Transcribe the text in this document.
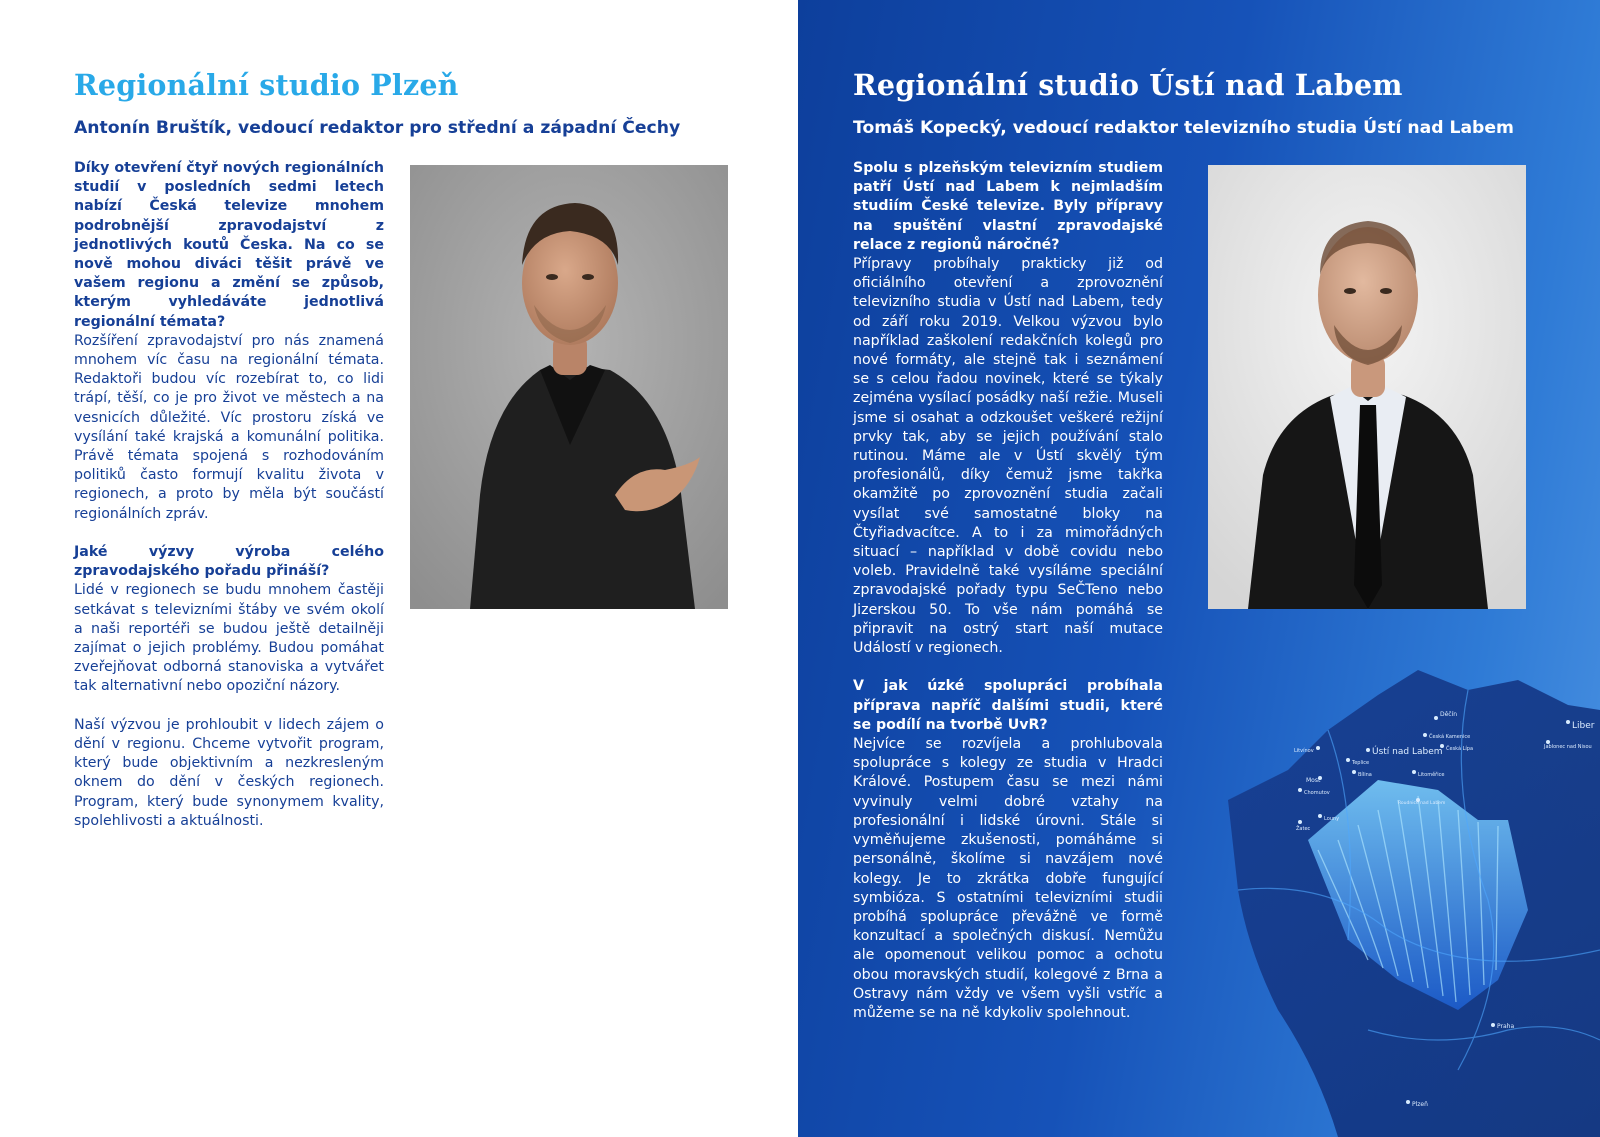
Regionální studio Plzeň
Antonín Bruštík, vedoucí redaktor pro střední a západní Čechy

Díky otevření čtyř nových regionálních studií v posledních sedmi letech nabízí Česká televize mnohem podrobnější zpravodajství z jednotlivých koutů Česka. Na co se nově mohou diváci těšit právě ve vašem regionu a změní se způsob, kterým vyhledáváte jednotlivá regionální témata?

Rozšíření zpravodajství pro nás znamená mnohem víc času na regionální témata. Redaktoři budou víc rozebírat to, co lidi trápí, těší, co je pro život ve městech a na vesnicích důležité. Víc prostoru získá ve vysílání také krajská a komunální politika. Právě témata spojená s rozhodováním politiků často formují kvalitu života v regionech, a proto by měla být součástí regionálních zpráv.

Jaké výzvy výroba celého zpravodajského pořadu přináší?

Lidé v regionech se budu mnohem častěji setkávat s televizními štáby ve svém okolí a naši reportéři se budou ještě detailněji zajímat o jejich problémy. Budou pomáhat zveřejňovat odborná stanoviska a vytvářet tak alternativní nebo opoziční názory.

Naší výzvou je prohloubit v lidech zájem o dění v regionu. Chceme vytvořit program, který bude objektivním a nezkresleným oknem do dění v českých regionech. Program, který bude synonymem kvality, spolehlivosti a aktuálnosti.

Regionální studio Ústí nad Labem
Tomáš Kopecký, vedoucí redaktor televizního studia Ústí nad Labem
Děčín
Česká Kamenice
Liber
Ústí nad Labem	Jablonec nad Nisou
Litvínov
Teplice
Česká Lípa
Most
Bílina	Litoměřice
Chomutov
Roudnice nad Labem
Louny
Žatec
Praha
Plzeň

Spolu s plzeňským televizním studiem patří Ústí nad Labem k nejmladším studiím České televize. Byly přípravy na spuštění vlastní zpravodajské relace z regionů náročné?

Přípravy probíhaly prakticky již od oficiálního otevření a zprovoznění televizního studia v Ústí nad Labem, tedy od září roku 2019. Velkou výzvou bylo například zaškolení redakčních kolegů pro nové formáty, ale stejně tak i seznámení se s celou řadou novinek, které se týkaly zejména vysílací posádky naší režie. Museli jsme si osahat a odzkoušet veškeré režijní prvky tak, aby se jejich používání stalo rutinou. Máme ale v Ústí skvělý tým profesionálů, díky čemuž jsme takřka okamžitě po zprovoznění studia začali vysílat své samostatné bloky na Čtyřiadvacítce. A to i za mimořádných situací – například v době covidu nebo voleb. Pravidelně také vysíláme speciální zpravodajské pořady typu SeČTeno nebo Jizerskou 50. To vše nám pomáhá se připravit na ostrý start naší mutace Událostí v regionech.

V jak úzké spolupráci probíhala příprava napříč dalšími studii, které se podílí na tvorbě UvR?

Nejvíce se rozvíjela a prohlubovala spolupráce s kolegy ze studia v Hradci Králové. Postupem času se mezi námi vyvinuly velmi dobré vztahy na profesionální i lidské úrovni. Stále si vyměňujeme zkušenosti, pomáháme si personálně, školíme si navzájem nové kolegy. Je to zkrátka dobře fungující symbióza. S ostatními televizními studii probíhá spolupráce převážně ve formě konzultací a společných diskusí. Nemůžu ale opomenout velikou pomoc a ochotu obou moravských studií, kolegové z Brna a Ostravy nám vždy ve všem vyšli vstříc a můžeme se na ně kdykoliv spolehnout.
